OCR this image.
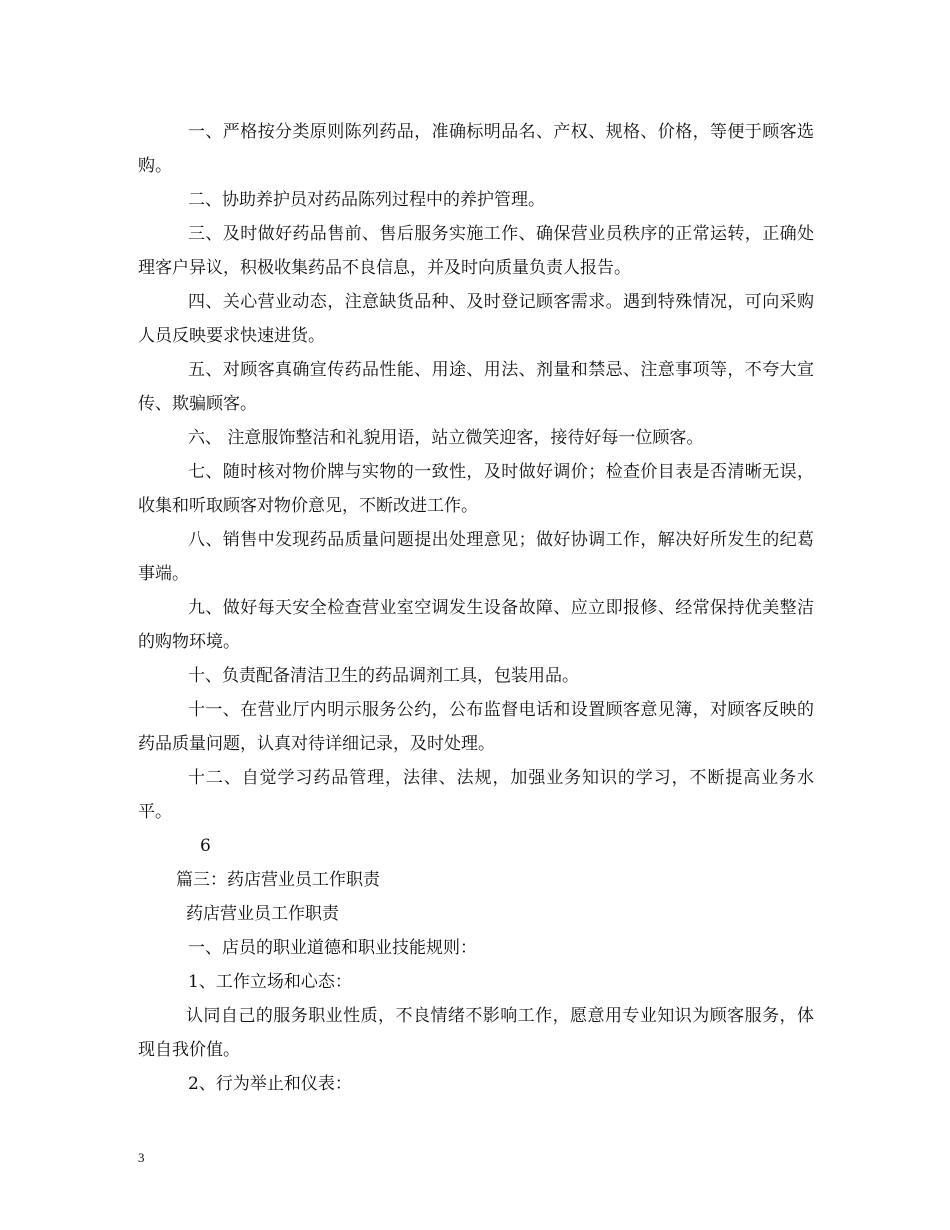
一、严格按分类原则陈列药品，准确标明品名、产权、规格、价格，等便于顾客选购。

二、协助养护员对药品陈列过程中的养护管理。

三、及时做好药品售前、售后服务实施工作、确保营业员秩序的正常运转，正确处理客户异议，积极收集药品不良信息，并及时向质量负责人报告。

四、关心营业动态，注意缺货品种、及时登记顾客需求。遇到特殊情况，可向采购人员反映要求快速进货。

五、对顾客真确宣传药品性能、用途、用法、剂量和禁忌、注意事项等，不夸大宣传、欺骗顾客。

六、 注意服饰整洁和礼貌用语，站立微笑迎客，接待好每一位顾客。

七、随时核对物价牌与实物的一致性，及时做好调价；检查价目表是否清晰无误，收集和听取顾客对物价意见，不断改进工作。

八、销售中发现药品质量问题提出处理意见；做好协调工作，解决好所发生的纪葛事端。

九、做好每天安全检查营业室空调发生设备故障、应立即报修、经常保持优美整洁的购物环境。

十、负责配备清洁卫生的药品调剂工具，包装用品。

十一、在营业厅内明示服务公约，公布监督电话和设置顾客意见簿，对顾客反映的药品质量问题，认真对待详细记录，及时处理。

十二、自觉学习药品管理，法律、法规，加强业务知识的学习，不断提高业务水平。

6

篇三：药店营业员工作职责

药店营业员工作职责

一、店员的职业道德和职业技能规则：

1、工作立场和心态：

认同自己的服务职业性质，不良情绪不影响工作，愿意用专业知识为顾客服务，体现自我价值。

2、行为举止和仪表：

3
